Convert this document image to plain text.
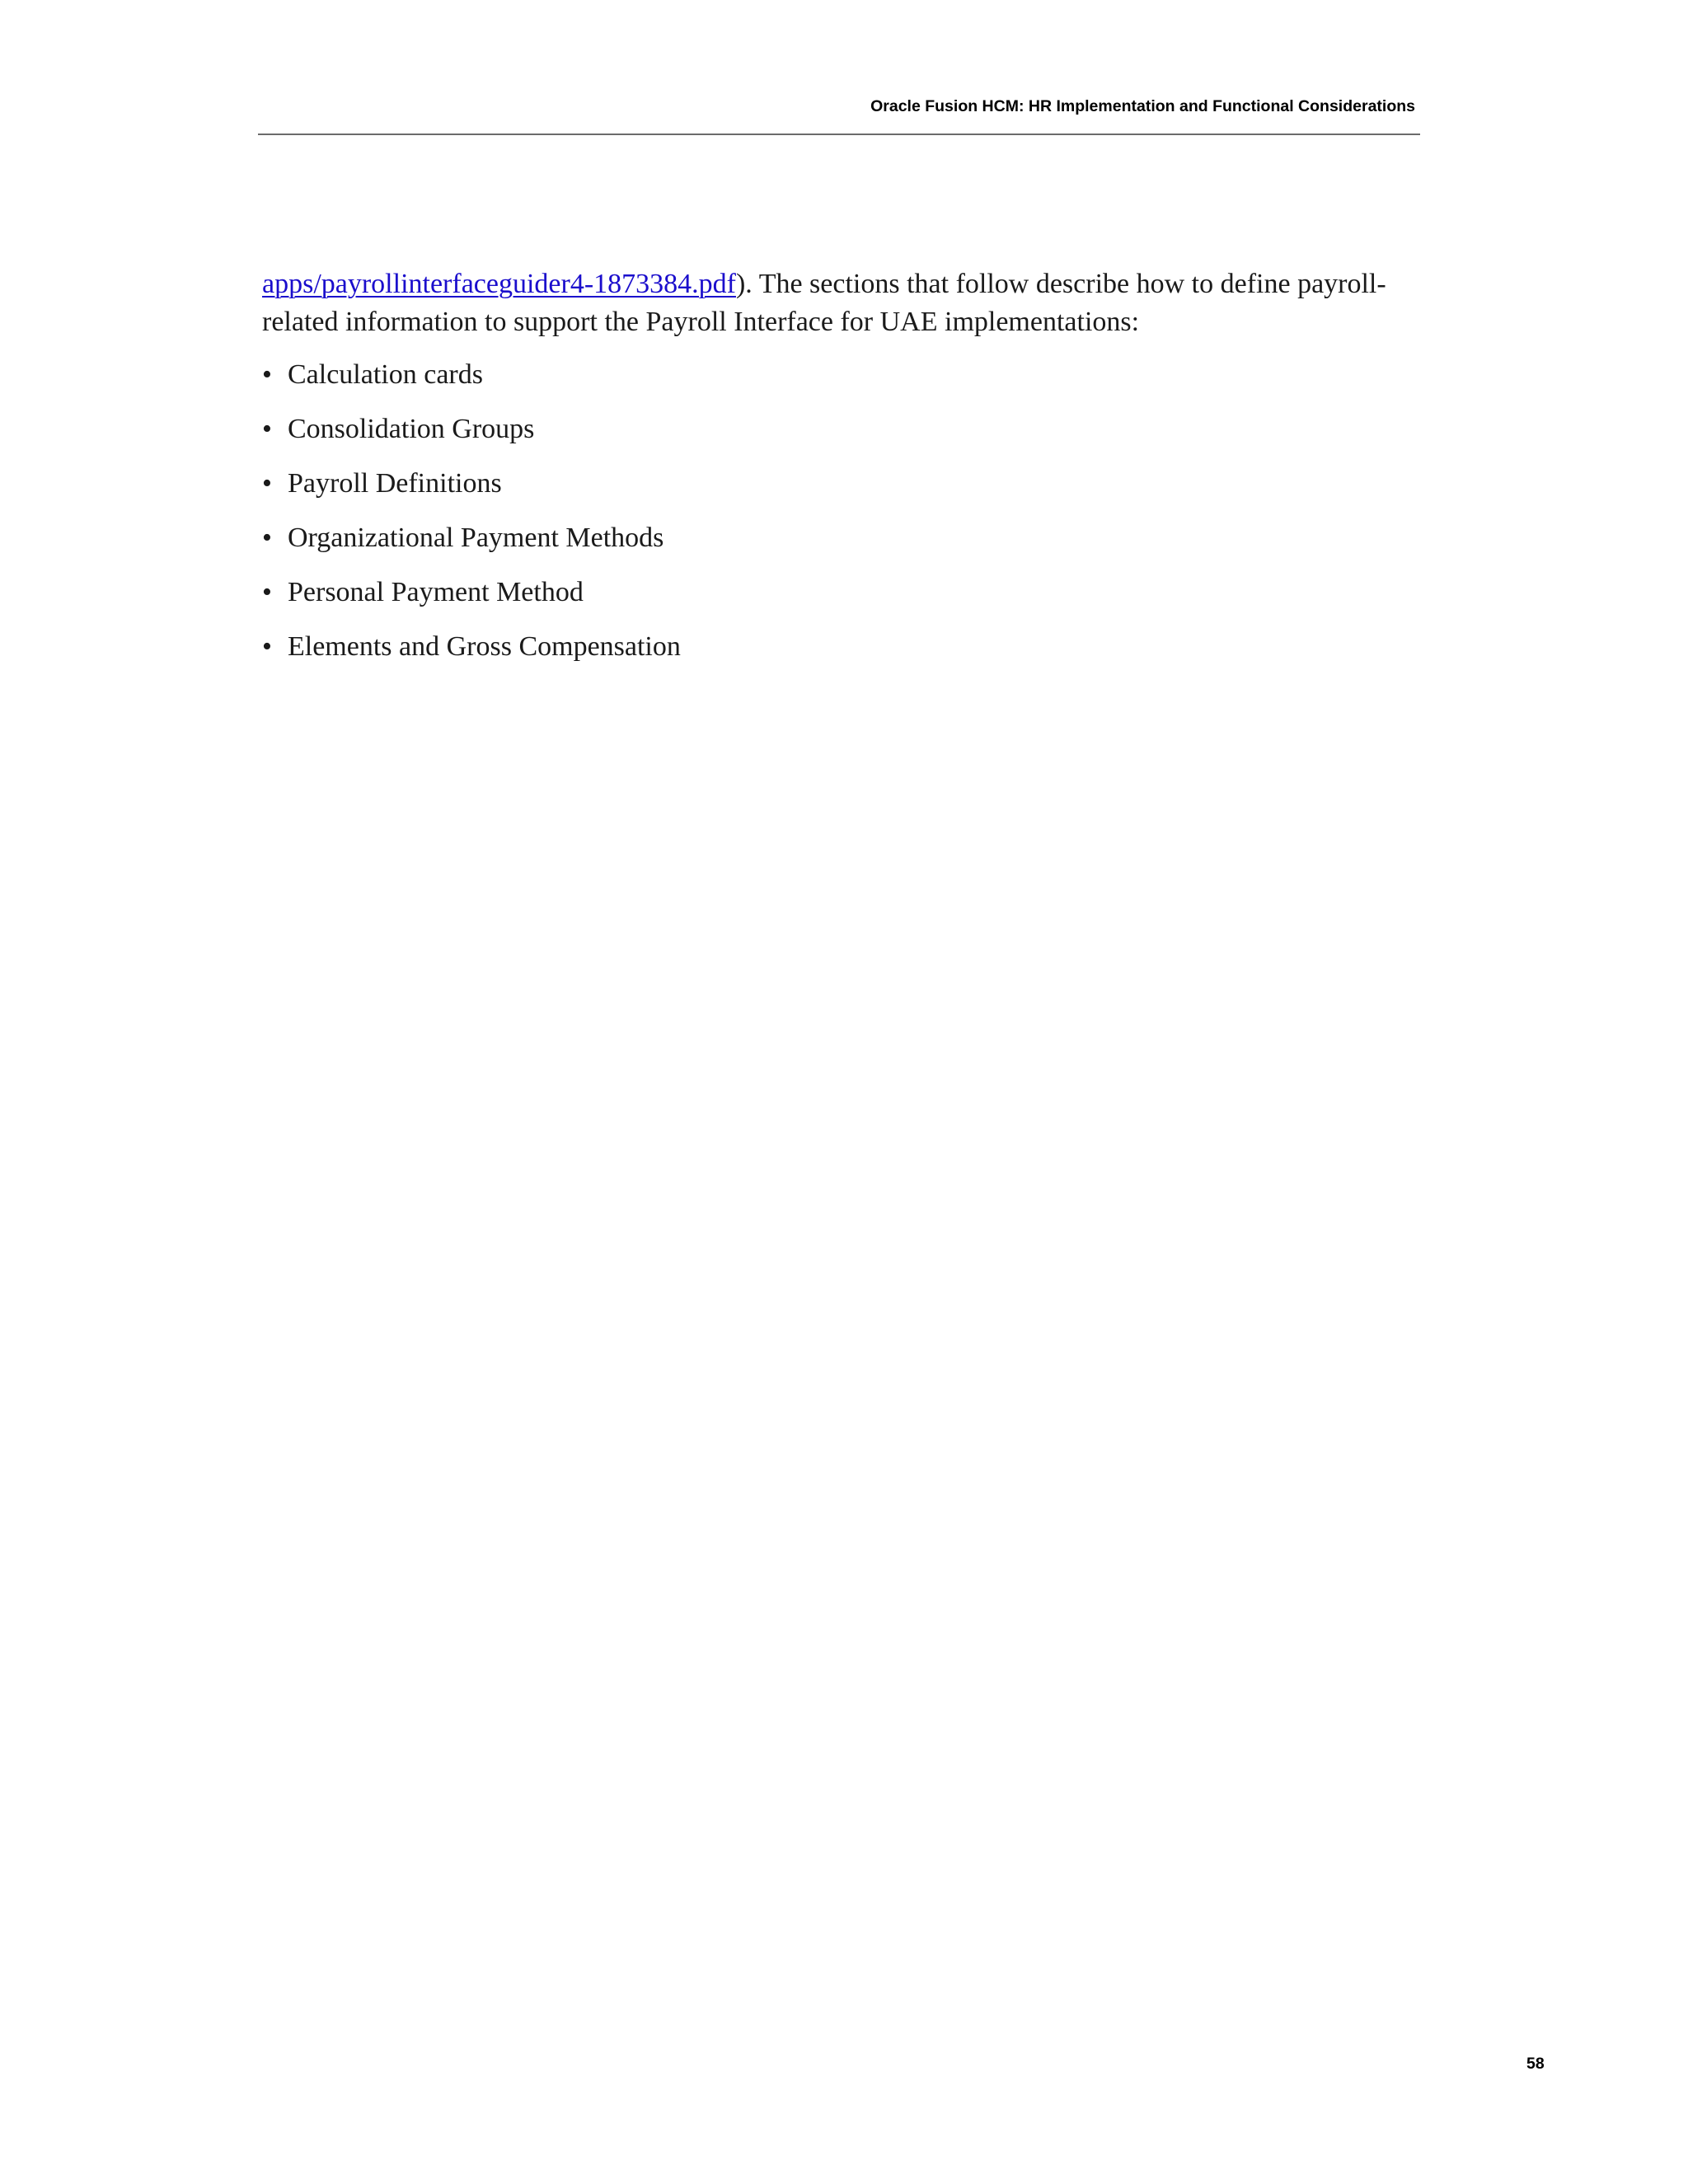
Oracle Fusion HCM: HR Implementation and Functional Considerations

apps/payrollinterfaceguider4-1873384.pdf). The sections that follow describe how to define payroll-related information to support the Payroll Interface for UAE implementations:

• Calculation cards
• Consolidation Groups
• Payroll Definitions
• Organizational Payment Methods
• Personal Payment Method
• Elements and Gross Compensation
58
